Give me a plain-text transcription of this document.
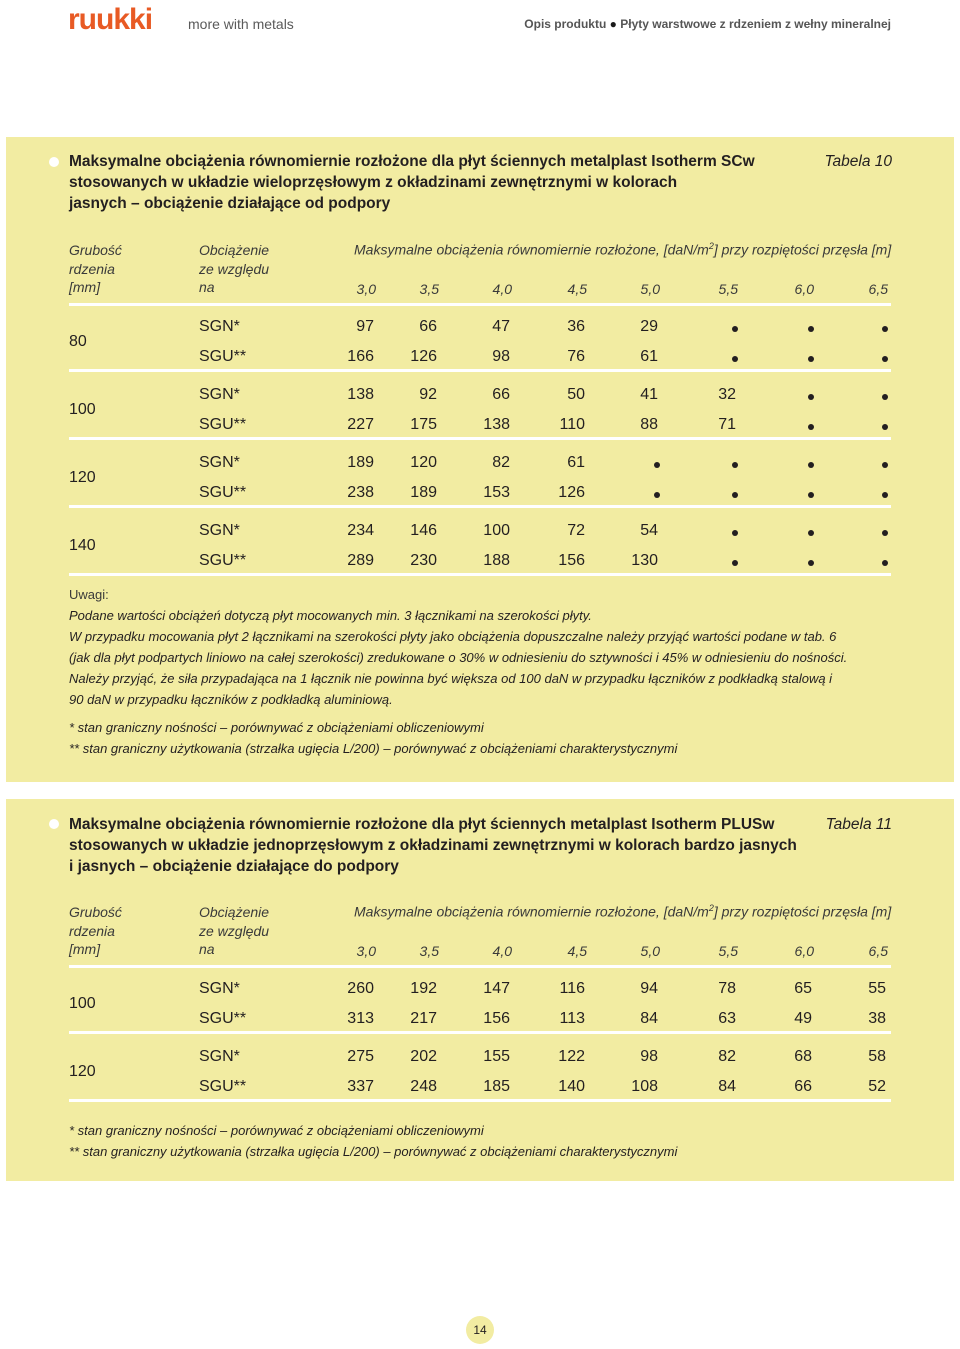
ruukki	more with metals	Opis produktu ● Płyty warstwowe z rdzeniem z wełny mineralnej
Maksymalne obciążenia równomiernie rozłożone dla płyt ściennych metalplast Isotherm SCw
stosowanych w układzie wieloprzęsłowym z okładzinami zewnętrznymi w kolorach
jasnych – obciążenie działające od podpory
Tabela 10
Grubość
rdzenia
[mm]
Obciążenie
ze względu
na
Maksymalne obciążenia równomiernie rozłożone, $[daN/m^2]$ przy rozpiętości przęsła [m]
3,0	3,5	4,0	4,5	5,0	5,5	6,0	6,5
80
SGN*	97	66	47	36	29
SGU**	166	126	98	76	61
100
SGN*	138	92	66	50	41	32
SGU**	227	175	138	110	88	71
120
SGN*	189	120	82	61
SGU**	238	189	153	126
140
SGN*	234	146	100	72	54
SGU**	289	230	188	156	130
Uwagi:
Podane wartości obciążeń dotyczą płyt mocowanych min. 3 łącznikami na szerokości płyty.
W przypadku mocowania płyt 2 łącznikami na szerokości płyty jako obciążenia dopuszczalne należy przyjąć wartości podane w tab. 6
(jak dla płyt podpartych liniowo na całej szerokości) zredukowane o 30% w odniesieniu do sztywności i 45% w odniesieniu do nośności.
Należy przyjąć, że siła przypadająca na 1 łącznik nie powinna być większa od 100 daN w przypadku łączników z podkładką stalową i
90 daN w przypadku łączników z podkładką aluminiową.
* stan graniczny nośności – porównywać z obciążeniami obliczeniowymi
** stan graniczny użytkowania (strzałka ugięcia L/200) – porównywać z obciążeniami charakterystycznymi
Maksymalne obciążenia równomiernie rozłożone dla płyt ściennych metalplast Isotherm PLUSw
stosowanych w układzie jednoprzęsłowym z okładzinami zewnętrznymi w kolorach bardzo jasnych
i jasnych – obciążenie działające do podpory
Tabela 11
Grubość
rdzenia
[mm]
Obciążenie
ze względu
na
Maksymalne obciążenia równomiernie rozłożone, $[daN/m^2]$ przy rozpiętości przęsła [m]
3,0	3,5	4,0	4,5	5,0	5,5	6,0	6,5
100
SGN*	260	192	147	116	94	78	65	55
SGU**	313	217	156	113	84	63	49	38
120
SGN*	275	202	155	122	98	82	68	58
SGU**	337	248	185	140	108	84	66	52
* stan graniczny nośności – porównywać z obciążeniami obliczeniowymi
** stan graniczny użytkowania (strzałka ugięcia L/200) – porównywać z obciążeniami charakterystycznymi
14
